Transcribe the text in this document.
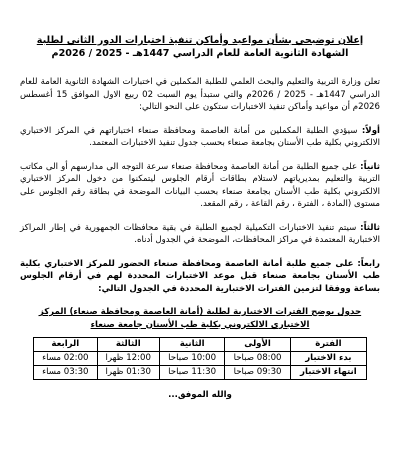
إعلان توضيحي بشأن مواعيد وأماكن تنفيذ اختبارات الدور الثاني لطلبة
الشهادة الثانوية العامة للعام الدراسي 1447هـ - 2025 / 2026م

تعلن وزارة التربية والتعليم والبحث العلمي للطلبة المكملين في اختبارات الشهادة الثانوية العامة للعام الدراسي 1447هـ - 2025 / 2026م والتي ستبدأ يوم السبت 02 ربيع الاول الموافق 15 أغسطس 2026م أن مواعيد وأماكن تنفيذ الاختبارات ستكون على النحو التالي:

أولاً: سيؤدي الطلبة المكملين من أمانة العاصمة ومحافظة صنعاء اختباراتهم في المركز الاختباري الالكتروني بكلية طب الأسنان بجامعة صنعاء بحسب جدول تنفيذ الاختبارات المعتمد.

ثانياً: على جميع الطلبة من أمانة العاصمة ومحافظة صنعاء سرعة التوجه الى مدارسهم أو الى مكاتب التربية والتعليم بمديرياتهم لاستلام بطاقات أرقام الجلوس ليتمكنوا من دخول المركز الاختباري الالكتروني بكلية طب الأسنان بجامعة صنعاء بحسب البيانات الموضحة في بطاقة رقم الجلوس على مستوى (المادة ، الفترة ، رقم القاعة ، رقم المقعد.

ثالثاً: سيتم تنفيذ الاختبارات التكميلية لجميع الطلبة في بقية محافظات الجمهورية في إطار المراكز الاختبارية المعتمدة في مراكز المحافظات، الموضحة في الجدول أدناه.

رابعاً: على جميع طلبة أمانة العاصمة ومحافظة صنعاء الحضور للمركز الاختباري بكلية طب الأسنان بجامعة صنعاء قبل موعد الاختبارات المحددة لهم في أرقام الجلوس بساعة ووفقا لتزمين الفترات الاختبارية المحددة في الجدول التالي:

جدول يوضح الفترات الاختبارية لطلبة (أمانة العاصمة ومحافظة صنعاء) المركز الاختباري الالكتروني بكلية طب الأسنان جامعة صنعاء
الفترة	الأولى	الثانية	الثالثة	الرابعة
بدء الاختبار	08:00 صباحا	10:00 صباحا	12:00 ظهرا	02:00 مساء
انتهاء الاختبار	09:30 صباحا	11:30 صباحا	01:30 ظهرا	03:30 مساء
والله الموفق...
